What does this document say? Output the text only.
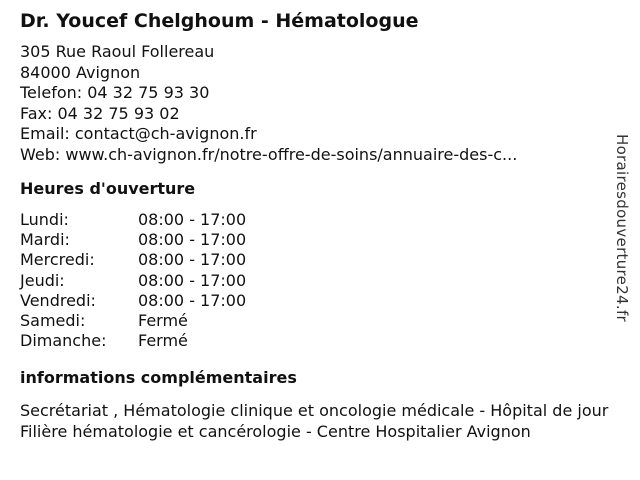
Dr. Youcef Chelghoum - Hématologue
305 Rue Raoul Follereau
84000 Avignon
Telefon: 04 32 75 93 30
Fax: 04 32 75 93 02
Email: contact@ch-avignon.fr
Web: www.ch-avignon.fr/notre-offre-de-soins/annuaire-des-c...
Heures d'ouverture
Lundi:	08:00 - 17:00
Mardi:	08:00 - 17:00
Mercredi:	08:00 - 17:00
Jeudi:	08:00 - 17:00
Vendredi:	08:00 - 17:00
Samedi:	Fermé
Dimanche:	Fermé
informations complémentaires
Secrétariat , Hématologie clinique et oncologie médicale - Hôpital de jour Filière hématologie et cancérologie - Centre Hospitalier Avignon
Horairesdouverture24.fr
